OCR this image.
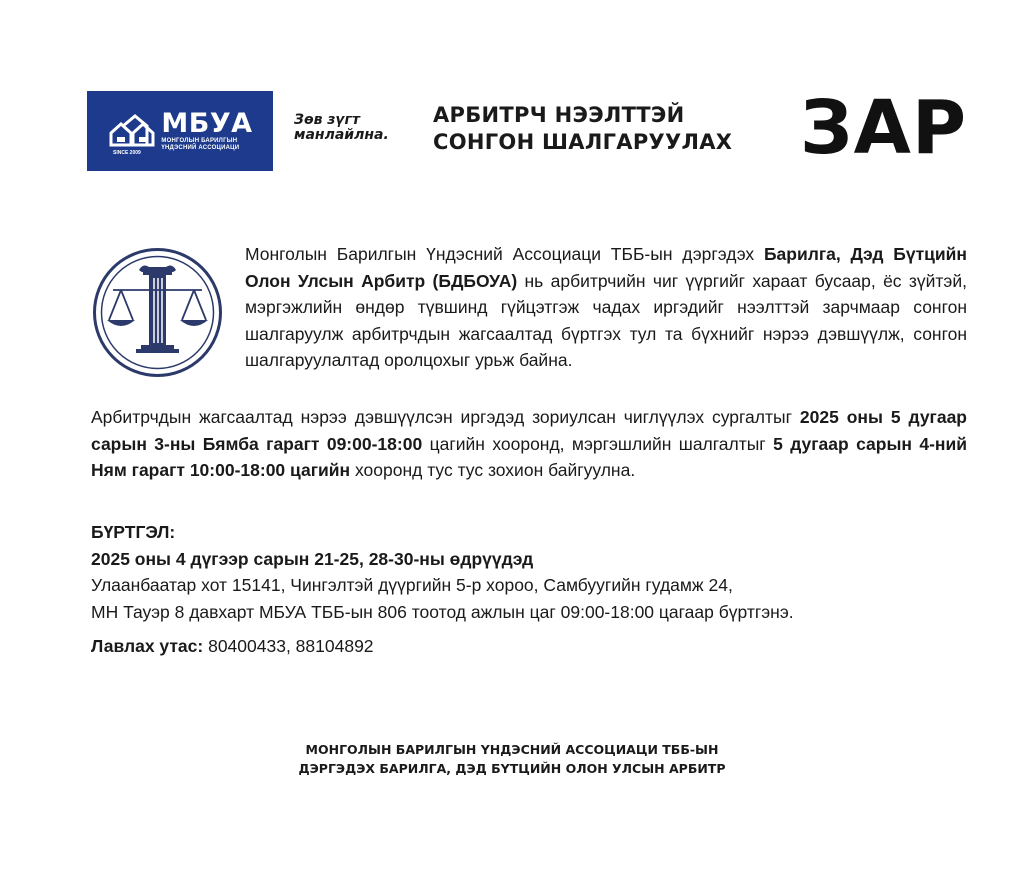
МБУА
МОНГОЛЫН БАРИЛГЫН
ҮНДЭСНИЙ АССОЦИАЦИ
SINCE 2009
Зөв зүгт
манлайлна.
АРБИТРЧ НЭЭЛТТЭЙ
СОНГОН ШАЛГАРУУЛАХ ЗАР
Монголын Барилгын Үндэсний Ассоциаци ТББ-ын дэргэдэх Барилга, Дэд Бүтцийн Олон Улсын Арбитр (БДБОУА) нь арбитрчийн чиг үүргийг хараат бусаар, ёс зүйтэй, мэргэжлийн өндөр түвшинд гүйцэтгэж чадах иргэдийг нээлттэй зарчмаар сонгон шалгаруулж арбитрчдын жагсаалтад бүртгэх тул та бүхнийг нэрээ дэвшүүлж, сонгон шалгаруулалтад оролцохыг урьж байна.
Арбитрчдын жагсаалтад нэрээ дэвшүүлсэн иргэдэд зориулсан чиглүүлэх сургалтыг 2025 оны 5 дугаар сарын 3-ны Бямба гарагт 09:00-18:00 цагийн хооронд, мэргэшлийн шалгалтыг 5 дугаар сарын 4-ний Ням гарагт 10:00-18:00 цагийн хооронд тус тус зохион байгуулна.
БҮРТГЭЛ:
2025 оны 4 дүгээр сарын 21-25, 28-30-ны өдрүүдэд
Улаанбаатар хот 15141, Чингэлтэй дүүргийн 5-р хороо, Самбуугийн гудамж 24,
МН Тауэр 8 давхарт МБУА ТББ-ын 806 тоотод ажлын цаг 09:00-18:00 цагаар бүртгэнэ.
Лавлах утас: 80400433, 88104892
МОНГОЛЫН БАРИЛГЫН ҮНДЭСНИЙ АССОЦИАЦИ ТББ-ЫН
ДЭРГЭДЭХ БАРИЛГА, ДЭД БҮТЦИЙН ОЛОН УЛСЫН АРБИТР
